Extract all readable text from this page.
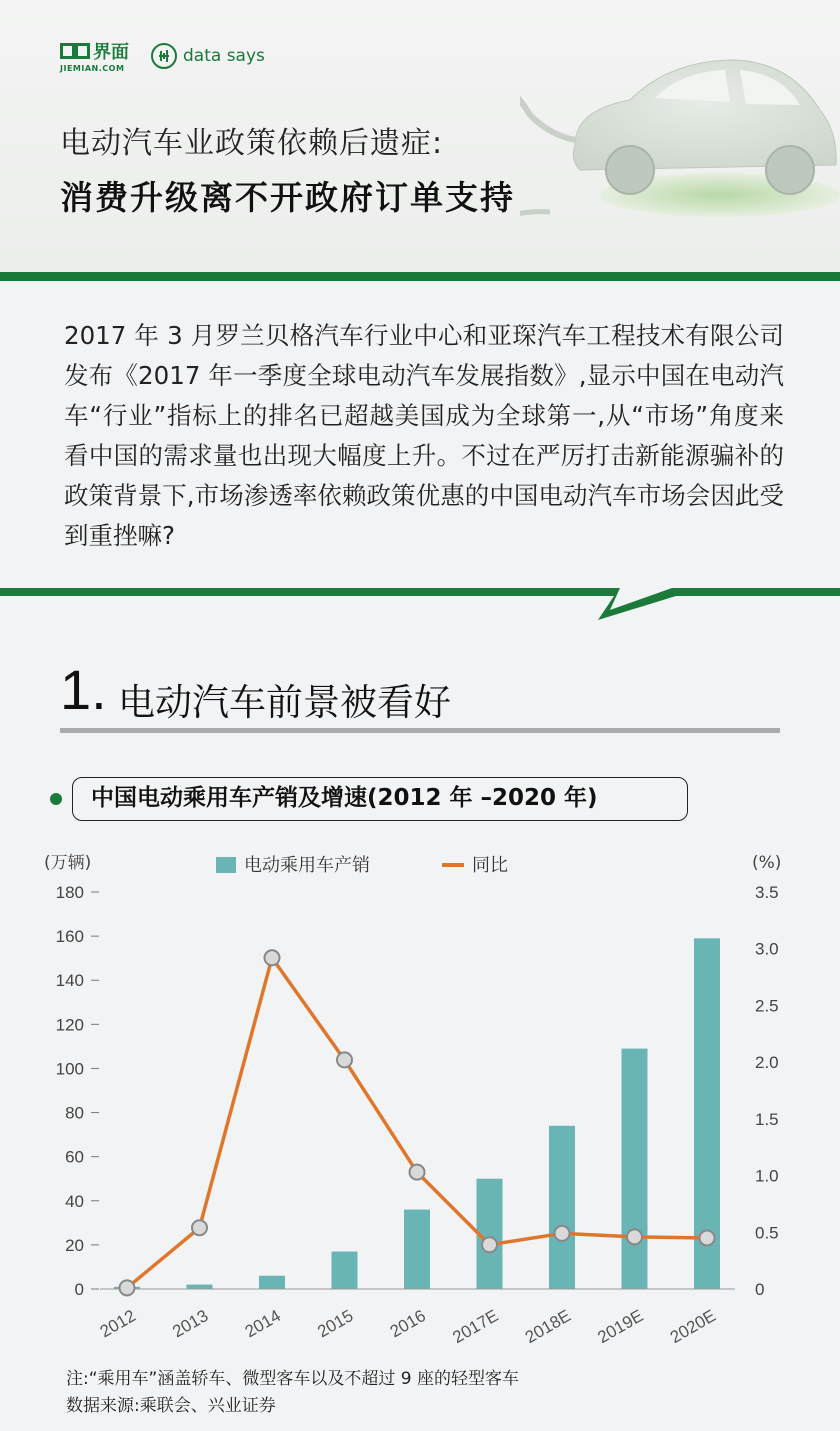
界面
JIEMIAN.COM
data says
电动汽车业政策依赖后遗症:
消费升级离不开政府订单支持
2017 年 3 月罗兰贝格汽车行业中心和亚琛汽车工程技术有限公司发布《2017 年一季度全球电动汽车发展指数》,显示中国在电动汽车“行业”指标上的排名已超越美国成为全球第一,从“市场”角度来看中国的需求量也出现大幅度上升。不过在严厉打击新能源骗补的政策背景下,市场渗透率依赖政策优惠的中国电动汽车市场会因此受到重挫嘛?
1. 电动汽车前景被看好
中国电动乘用车产销及增速(2012 年 –2020 年)
(万辆)	(%)
电动乘用车产销	同比
0
20
40
60
80
100
120
140
160
180
0
0.5
1.0
1.5
2.0
2.5
3.0
3.5
2012 2013 2014 2015 2016 2017E 2018E 2019E 2020E
注:“乘用车”涵盖轿车、微型客车以及不超过 9 座的轻型客车
数据来源:乘联会、兴业证券
